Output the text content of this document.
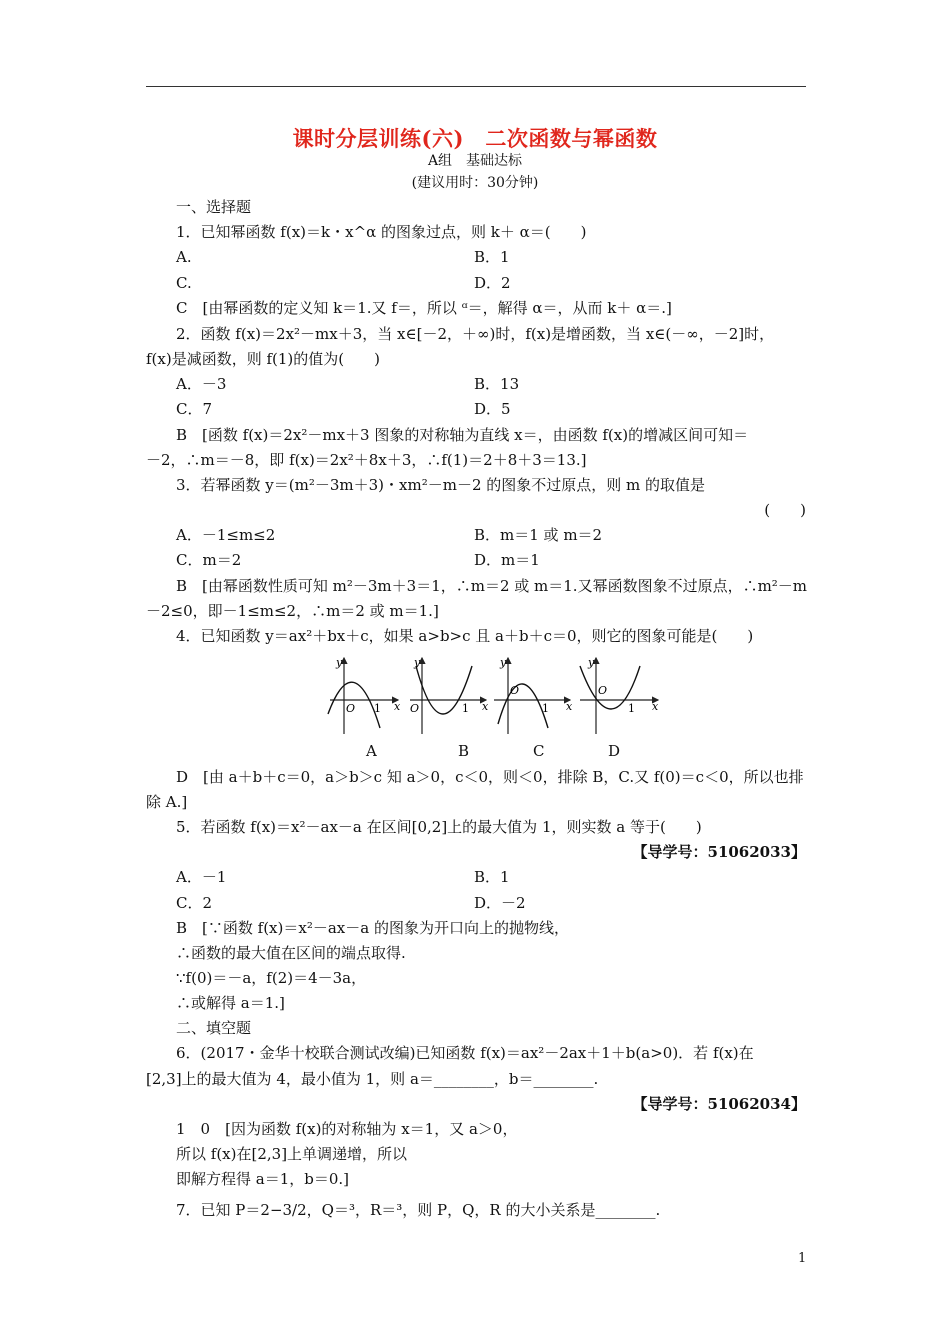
课时分层训练(六)　二次函数与幂函数
A组　基础达标
(建议用时：30分钟)
一、选择题
1．已知幂函数 f(x)＝k・x^α 的图象过点，则 k＋ α＝(　　)
A.	B．1
C.	D．2
C　[由幂函数的定义知 k＝1.又 f＝，所以 ᵅ＝，解得 α＝，从而 k＋ α＝.]
2．函数 f(x)＝2x²－mx＋3，当 x∈[－2，＋∞)时，f(x)是增函数，当 x∈(－∞，－2]时，
f(x)是减函数，则 f(1)的值为(　　)
A．－3	B．13
C．7	D．5
B　[函数 f(x)＝2x²－mx＋3 图象的对称轴为直线 x＝，由函数 f(x)的增减区间可知＝
－2，∴m＝－8，即 f(x)＝2x²＋8x＋3，∴f(1)＝2＋8＋3＝13.]
3．若幂函数 y＝(m²－3m＋3)・xm²－m－2 的图象不过原点，则 m 的取值是
(　　)
A．－1≤m≤2	B．m＝1 或 m＝2
C．m＝2	D．m＝1
B　[由幂函数性质可知 m²－3m＋3＝1，∴m＝2 或 m＝1.又幂函数图象不过原点，∴m²－m
－2≤0，即－1≤m≤2，∴m＝2 或 m＝1.]
4．已知函数 y＝ax²＋bx＋c，如果 a>b>c 且 a＋b＋c＝0，则它的图象可能是(　　)
y
x
O 1
y
x
O	1
y
x
O
1
y
x
O
1
A	B	C	D
D　[由 a＋b＋c＝0，a＞b＞c 知 a＞0，c＜0，则＜0，排除 B，C.又 f(0)＝c＜0，所以也排
除 A.]
5．若函数 f(x)＝x²－ax－a 在区间[0,2]上的最大值为 1，则实数 a 等于(　　)
【导学号：51062033】
A．－1	B．1
C．2	D．－2
B　[∵函数 f(x)＝x²－ax－a 的图象为开口向上的抛物线，
∴函数的最大值在区间的端点取得.
∵f(0)＝－a，f(2)＝4－3a，
∴或解得 a＝1.]
二、填空题
6．(2017・金华十校联合测试改编)已知函数 f(x)＝ax²－2ax＋1＋b(a>0)．若 f(x)在
[2,3]上的最大值为 4，最小值为 1，则 a＝________，b＝________.
【导学号：51062034】
1　0　[因为函数 f(x)的对称轴为 x＝1，又 a＞0，
所以 f(x)在[2,3]上单调递增，所以
即解方程得 a＝1，b＝0.]
7．已知 P＝2−3/2，Q＝³，R＝³，则 P，Q，R 的大小关系是________.
1
